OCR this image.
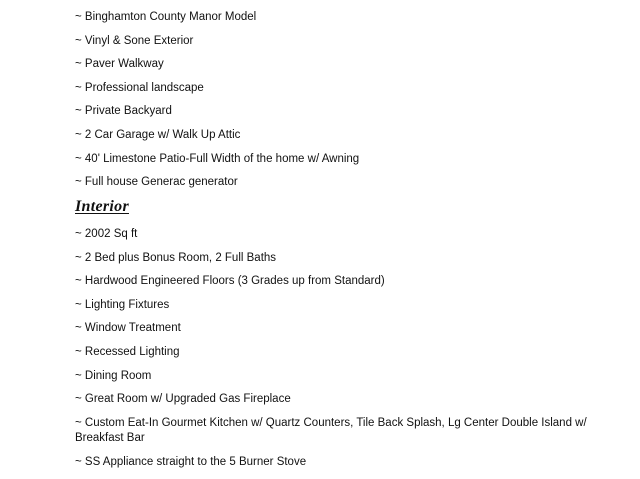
~ Binghamton County Manor Model
~ Vinyl & Sone Exterior
~ Paver Walkway
~ Professional landscape
~ Private Backyard
~ 2 Car Garage w/ Walk Up Attic
~ 40' Limestone Patio-Full Width of the home w/ Awning
~ Full house Generac generator
Interior
~ 2002 Sq ft
~ 2 Bed plus Bonus Room, 2 Full Baths
~ Hardwood Engineered Floors (3 Grades up from Standard)
~ Lighting Fixtures
~ Window Treatment
~ Recessed Lighting
~ Dining Room
~ Great Room w/ Upgraded Gas Fireplace
~ Custom Eat-In Gourmet Kitchen w/ Quartz Counters, Tile Back Splash, Lg Center Double Island w/ Breakfast Bar
~ SS Appliance straight to the 5 Burner Stove
